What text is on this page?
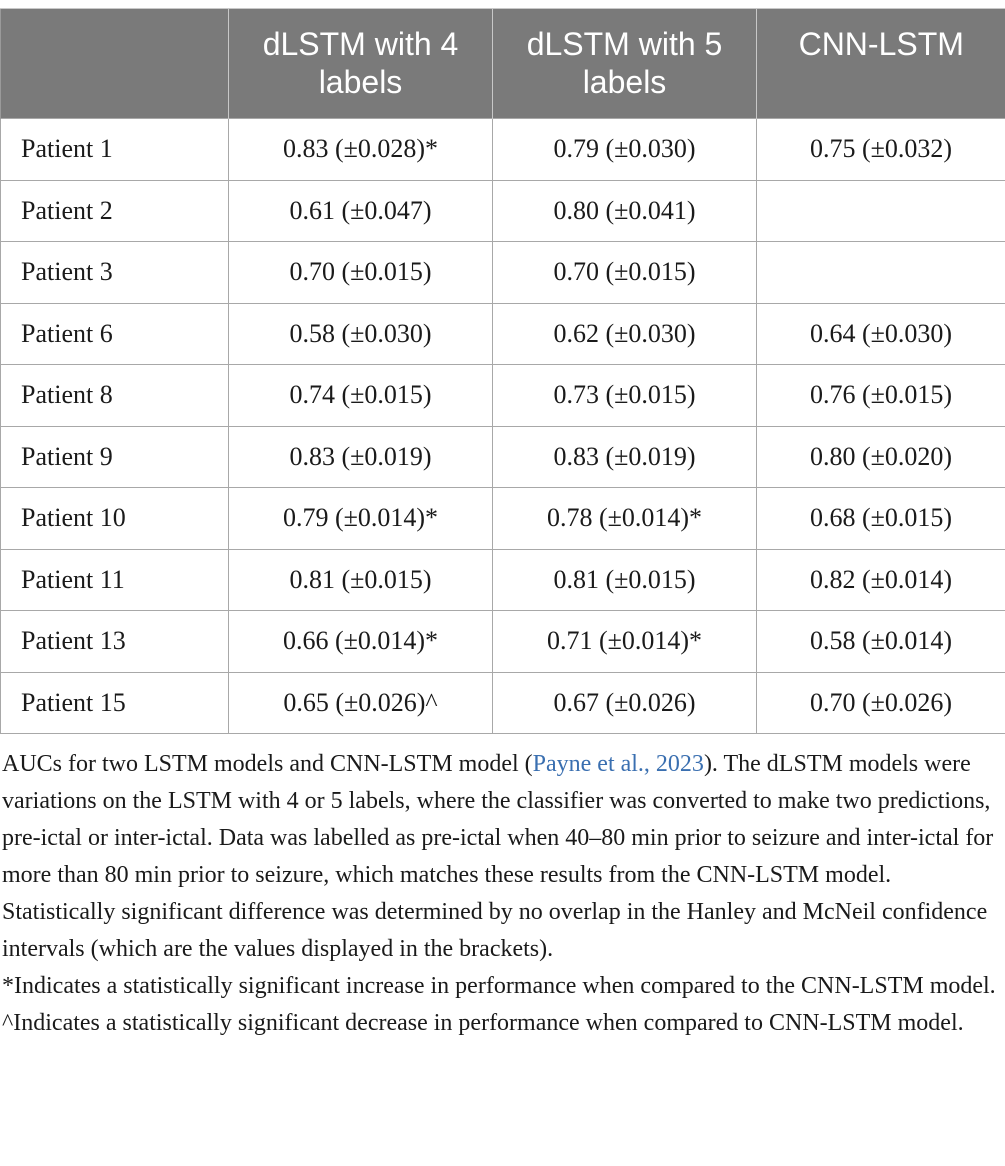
	dLSTM with 4 labels	dLSTM with 5 labels	CNN-LSTM
Patient 1	0.83 (±0.028)*	0.79 (±0.030)	0.75 (±0.032)
Patient 2	0.61 (±0.047)	0.80 (±0.041)	
Patient 3	0.70 (±0.015)	0.70 (±0.015)	
Patient 6	0.58 (±0.030)	0.62 (±0.030)	0.64 (±0.030)
Patient 8	0.74 (±0.015)	0.73 (±0.015)	0.76 (±0.015)
Patient 9	0.83 (±0.019)	0.83 (±0.019)	0.80 (±0.020)
Patient 10	0.79 (±0.014)*	0.78 (±0.014)*	0.68 (±0.015)
Patient 11	0.81 (±0.015)	0.81 (±0.015)	0.82 (±0.014)
Patient 13	0.66 (±0.014)*	0.71 (±0.014)*	0.58 (±0.014)
Patient 15	0.65 (±0.026)^	0.67 (±0.026)	0.70 (±0.026)

AUCs for two LSTM models and CNN-LSTM model (Payne et al., 2023). The dLSTM models were variations on the LSTM with 4 or 5 labels, where the classifier was converted to make two predictions, pre-ictal or inter-ictal. Data was labelled as pre-ictal when 40–80 min prior to seizure and inter-ictal for more than 80 min prior to seizure, which matches these results from the CNN-LSTM model. Statistically significant difference was determined by no overlap in the Hanley and McNeil confidence intervals (which are the values displayed in the brackets).

*Indicates a statistically significant increase in performance when compared to the CNN-LSTM model.

^Indicates a statistically significant decrease in performance when compared to CNN-LSTM model.
